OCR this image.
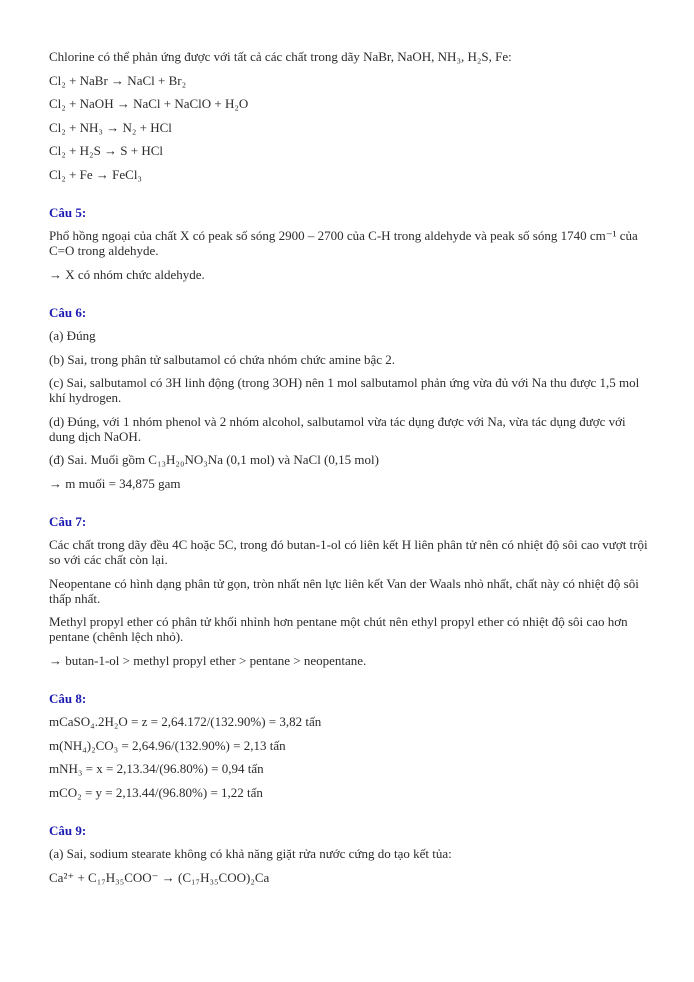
Chlorine có thể phản ứng được với tất cả các chất trong dãy NaBr, NaOH, NH₃, H₂S, Fe:

Cl₂ + NaBr → NaCl + Br₂

Cl₂ + NaOH → NaCl + NaClO + H₂O

Cl₂ + NH₃ → N₂ + HCl

Cl₂ + H₂S → S + HCl

Cl₂ + Fe → FeCl₃

Câu 5:

Phổ hồng ngoại của chất X có peak số sóng 2900 – 2700 của C-H trong aldehyde và peak số sóng 1740 cm⁻¹ của C=O trong aldehyde.

→ X có nhóm chức aldehyde.

Câu 6:

(a) Đúng

(b) Sai, trong phân tử salbutamol có chứa nhóm chức amine bậc 2.

(c) Sai, salbutamol có 3H linh động (trong 3OH) nên 1 mol salbutamol phản ứng vừa đủ với Na thu được 1,5 mol khí hydrogen.

(d) Đúng, với 1 nhóm phenol và 2 nhóm alcohol, salbutamol vừa tác dụng được với Na, vừa tác dụng được với dung dịch NaOH.

(đ) Sai. Muối gồm C₁₃H₂₀NO₃Na (0,1 mol) và NaCl (0,15 mol)

→ m muối = 34,875 gam

Câu 7:

Các chất trong dãy đều 4C hoặc 5C, trong đó butan-1-ol có liên kết H liên phân tử nên có nhiệt độ sôi cao vượt trội so với các chất còn lại.

Neopentane có hình dạng phân tử gọn, tròn nhất nên lực liên kết Van der Waals nhỏ nhất, chất này có nhiệt độ sôi thấp nhất.

Methyl propyl ether có phân tử khối nhỉnh hơn pentane một chút nên ethyl propyl ether có nhiệt độ sôi cao hơn pentane (chênh lệch nhỏ).

→ butan-1-ol > methyl propyl ether > pentane > neopentane.

Câu 8:

mCaSO₄.2H₂O = z = 2,64.172/(132.90%) = 3,82 tấn

m(NH₄)₂CO₃ = 2,64.96/(132.90%) = 2,13 tấn

mNH₃ = x = 2,13.34/(96.80%) = 0,94 tấn

mCO₂ = y = 2,13.44/(96.80%) = 1,22 tấn

Câu 9:

(a) Sai, sodium stearate không có khả năng giặt rửa nước cứng do tạo kết tủa:

Ca²⁺ + C₁₇H₃₅COO⁻ → (C₁₇H₃₅COO)₂Ca
